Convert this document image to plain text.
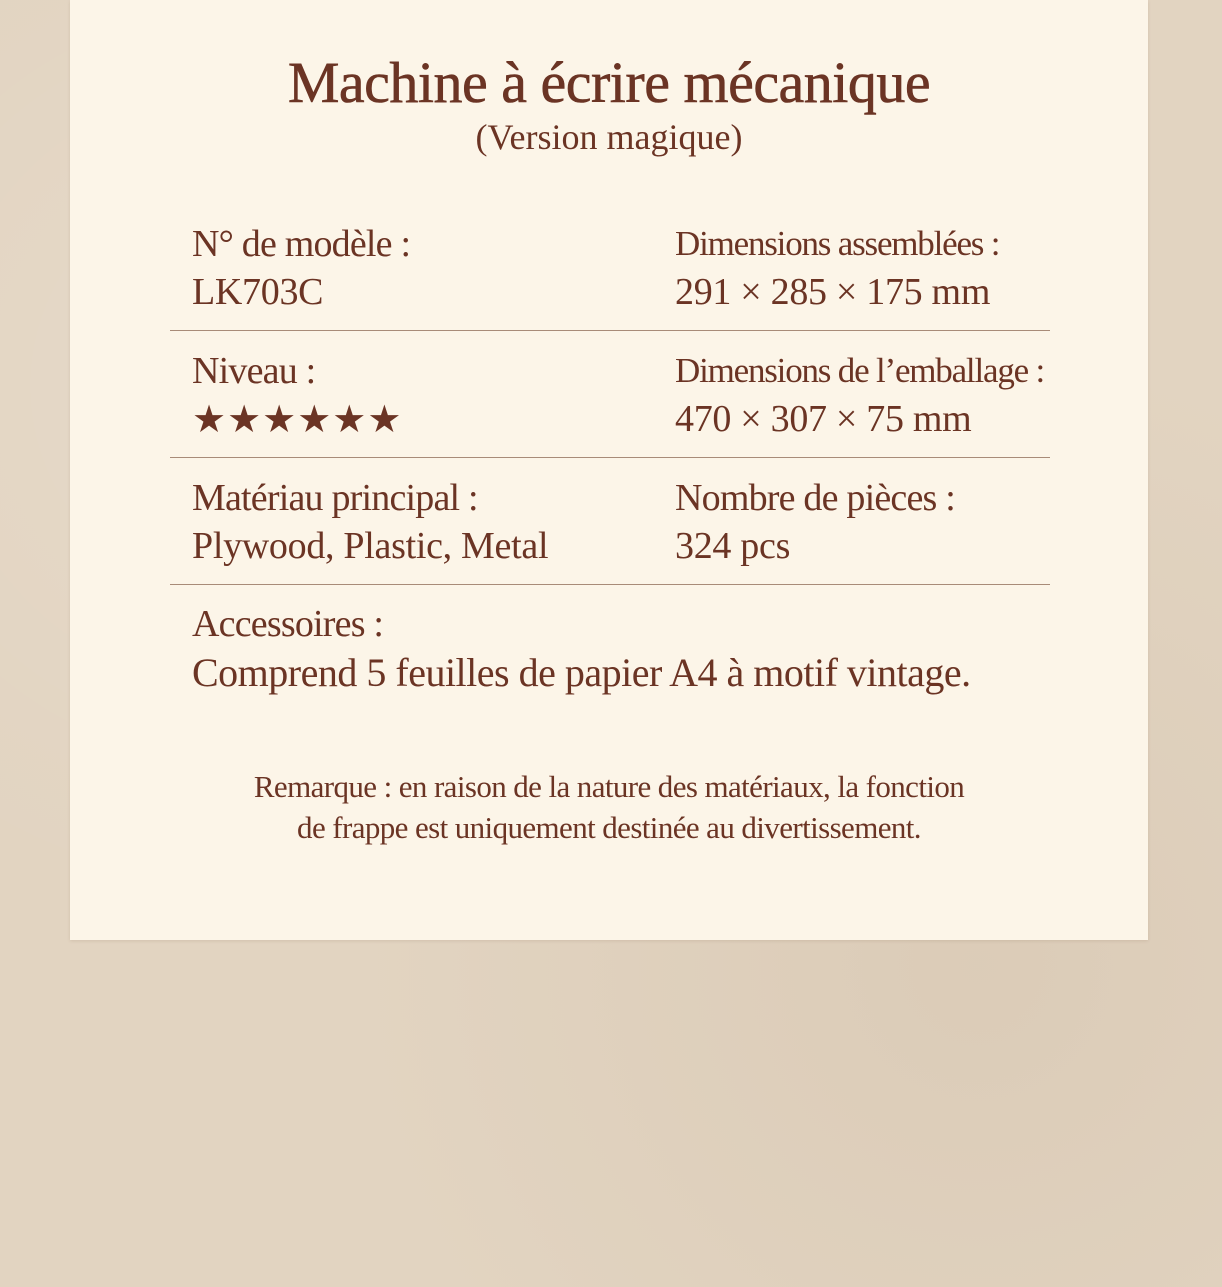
Machine à écrire mécanique
(Version magique)
N° de modèle :
LK703C
Dimensions assemblées :
291 × 285 × 175 mm
Niveau :
★★★★★★
Dimensions de l’emballage :
470 × 307 × 75 mm
Matériau principal :
Plywood, Plastic, Metal
Nombre de pièces :
324 pcs
Accessoires :
Comprend 5 feuilles de papier A4 à motif vintage.
Remarque : en raison de la nature des matériaux, la fonction
de frappe est uniquement destinée au divertissement.
